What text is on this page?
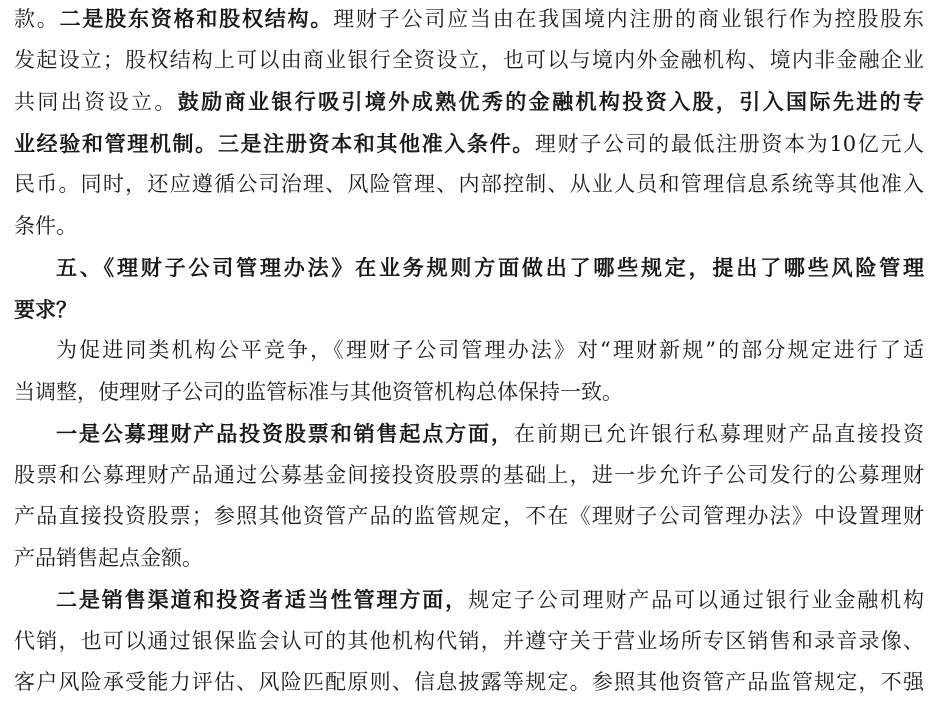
款。二是股东资格和股权结构。理财子公司应当由在我国境内注册的商业银行作为控股股东
发起设立；股权结构上可以由商业银行全资设立，也可以与境内外金融机构、境内非金融企业
共同出资设立。鼓励商业银行吸引境外成熟优秀的金融机构投资入股，引入国际先进的专
业经验和管理机制。三是注册资本和其他准入条件。理财子公司的最低注册资本为10亿元人
民币。同时，还应遵循公司治理、风险管理、内部控制、从业人员和管理信息系统等其他准入
条件。
五、《理财子公司管理办法》在业务规则方面做出了哪些规定，提出了哪些风险管理
要求？
为促进同类机构公平竞争，《理财子公司管理办法》对“理财新规”的部分规定进行了适
当调整，使理财子公司的监管标准与其他资管机构总体保持一致。
一是公募理财产品投资股票和销售起点方面，在前期已允许银行私募理财产品直接投资
股票和公募理财产品通过公募基金间接投资股票的基础上，进一步允许子公司发行的公募理财
产品直接投资股票；参照其他资管产品的监管规定，不在《理财子公司管理办法》中设置理财
产品销售起点金额。
二是销售渠道和投资者适当性管理方面，规定子公司理财产品可以通过银行业金融机构
代销，也可以通过银保监会认可的其他机构代销，并遵守关于营业场所专区销售和录音录像、
客户风险承受能力评估、风险匹配原则、信息披露等规定。参照其他资管产品监管规定，不强
